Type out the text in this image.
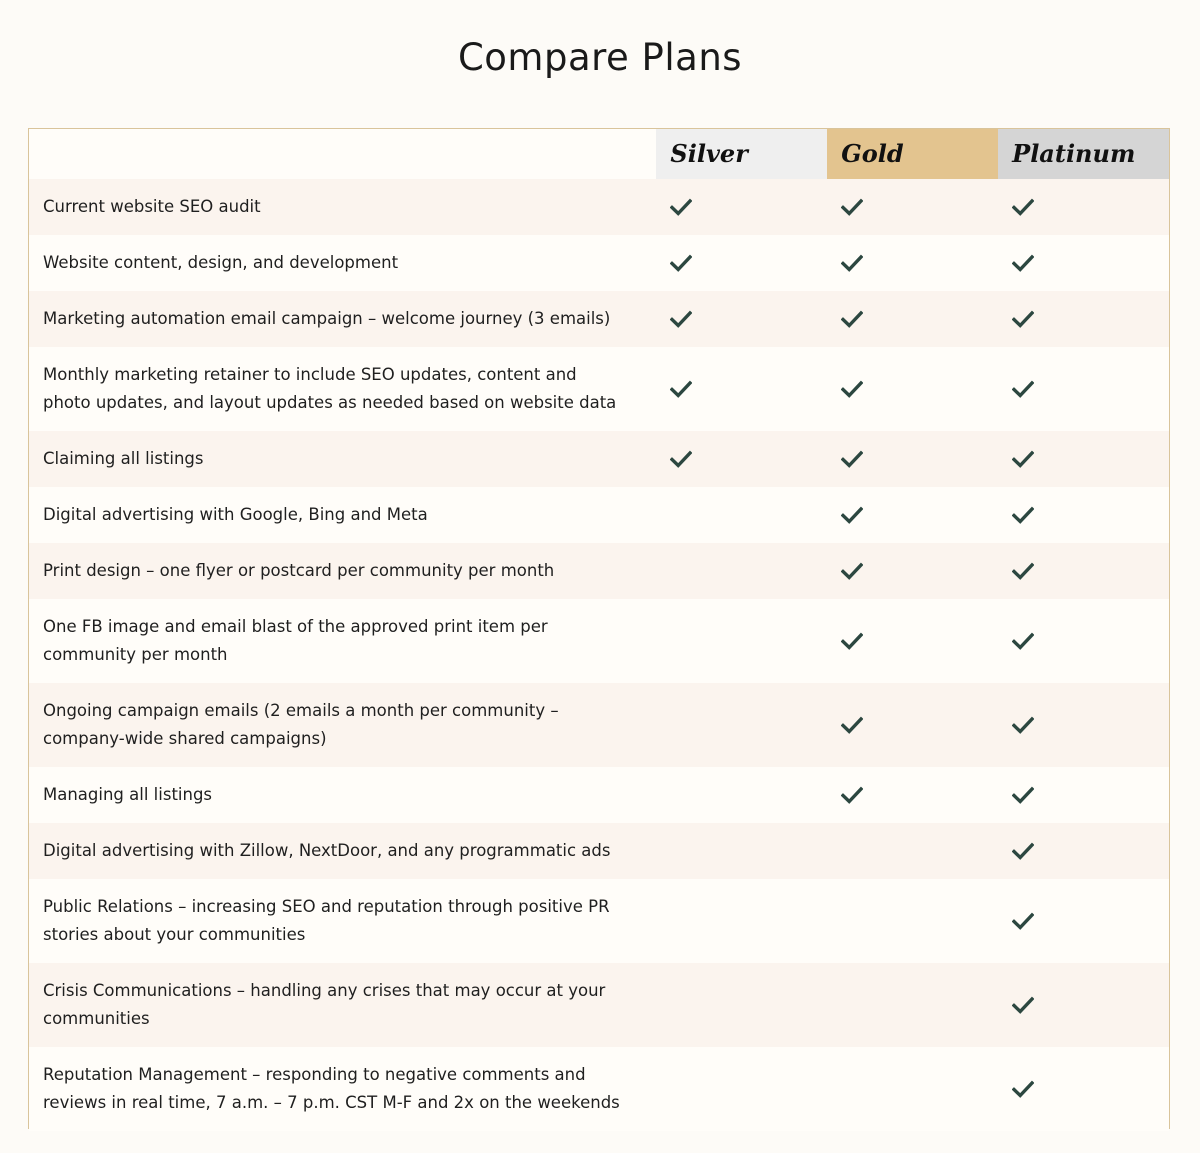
Compare Plans
Silver	Gold	Platinum
Current website SEO audit
Website content, design, and development
Marketing automation email campaign – welcome journey (3 emails)
Monthly marketing retainer to include SEO updates, content and photo updates, and layout updates as needed based on website data
Claiming all listings
Digital advertising with Google, Bing and Meta
Print design – one flyer or postcard per community per month
One FB image and email blast of the approved print item per community per month
Ongoing campaign emails (2 emails a month per community – company-wide shared campaigns)
Managing all listings
Digital advertising with Zillow, NextDoor, and any programmatic ads
Public Relations – increasing SEO and reputation through positive PR stories about your communities
Crisis Communications – handling any crises that may occur at your communities
Reputation Management – responding to negative comments and reviews in real time, 7 a.m. – 7 p.m. CST M-F and 2x on the weekends
